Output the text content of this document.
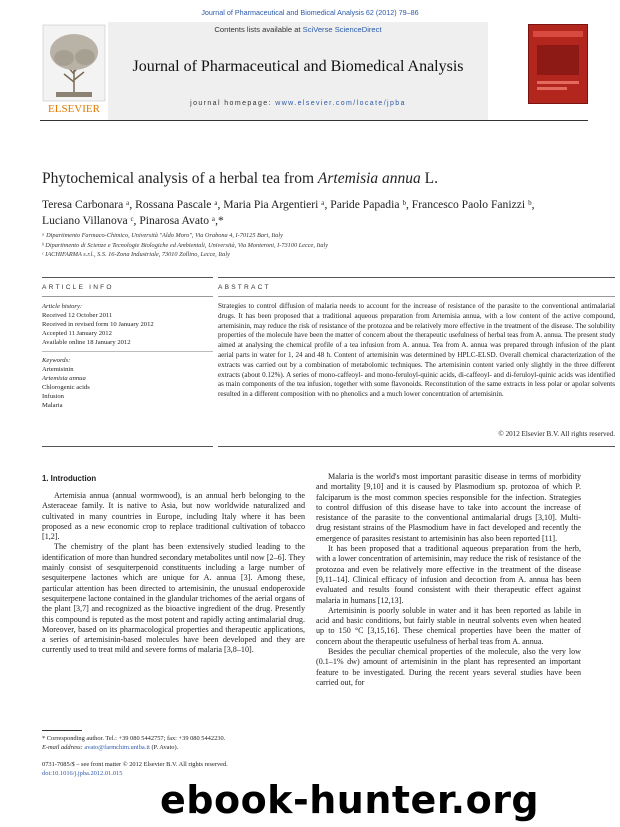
Journal of Pharmaceutical and Biomedical Analysis 62 (2012) 79–86
ELSEVIER
Contents lists available at SciVerse ScienceDirect
Journal of Pharmaceutical and Biomedical Analysis
journal homepage: www.elsevier.com/locate/jpba
Phytochemical analysis of a herbal tea from Artemisia annua L.
Teresa Carbonara ᵃ, Rossana Pascale ᵃ, Maria Pia Argentieri ᵃ, Paride Papadia ᵇ, Francesco Paolo Fanizzi ᵇ,
Luciano Villanova ᶜ, Pinarosa Avato ᵃ,*
ᵃ Dipartimento Farmaco-Chimico, Università "Aldo Moro", Via Orabona 4, I-70125 Bari, Italy
ᵇ Dipartimento di Scienze e Tecnologie Biologiche ed Ambientali, Università, Via Monteroni, I-73100 Lecce, Italy
ᶜ IACHIFARMA s.r.l., S.S. 16-Zona Industriale, 73010 Zollino, Lecce, Italy
ARTICLE INFO	ABSTRACT
Article history:
Received 12 October 2011
Received in revised form 10 January 2012
Accepted 11 January 2012
Available online 18 January 2012
Keywords:
Artemisinin
Artemisia annua
Chlorogenic acids
Infusion
Malaria
Strategies to control diffusion of malaria needs to account for the increase of resistance of the parasite to the conventional antimalarial drugs. It has been proposed that a traditional aqueous preparation from Artemisia annua, with a low content of the active compound, artemisinin, may reduce the risk of resistance of the protozoa and be relatively more effective in the treatment of the disease. The solubility properties of the molecule have been the matter of concern about the therapeutic usefulness of herbal teas from A. annua. The present study aimed at analysing the chemical profile of a tea infusion from A. annua. Tea from A. annua was prepared through infusion of the plant aerial parts in water for 1, 24 and 48 h. Content of artemisinin was determined by HPLC-ELSD. Overall chemical characterization of the extracts was carried out by a combination of metabolomic techniques. The artemisinin content varied only slightly in the three different extracts (about 0.12%). A series of mono-caffeoyl- and mono-feruloyl-quinic acids, di-caffeoyl- and di-feruloyl-quinic acids was identified as main components of the tea infusion, together with some flavonoids. Reconstitution of the same extracts in less polar or apolar solvents resulted in a different composition with no phenolics and a much lower concentration of artemisinin.
© 2012 Elsevier B.V. All rights reserved.
1. Introduction

Artemisia annua (annual wormwood), is an annual herb belonging to the Asteraceae family. It is native to Asia, but now worldwide naturalized and cultivated in many countries in Europe, including Italy where it has been proposed as a new economic crop to replace traditional cultivation of tobacco [1,2].

The chemistry of the plant has been extensively studied leading to the identification of more than hundred secondary metabolites until now [2–6]. They mainly consist of sesquiterpenoid constituents including a large number of sesquiterpene lactones which are unique for A. annua [3]. Among these, particular attention has been directed to artemisinin, the unusual endoperoxide sesquiterpene lactone contained in the glandular trichomes of the aerial organs of the plant [3,7] and recognized as the bioactive ingredient of the drug. Presently this compound is reputed as the most potent and rapidly acting antimalarial drug. Moreover, based on its pharmacological properties and therapeutic applications, a series of artemisinin-based molecules have been developed and they are currently used to treat mild and severe forms of malaria [3,8–10].

Malaria is the world's most important parasitic disease in terms of morbidity and mortality [9,10] and it is caused by Plasmodium sp. protozoa of which P. falciparum is the most common species responsible for the infection. Strategies to control diffusion of this disease have to take into account the increase of resistance of the parasite to the conventional antimalarial drugs [3,10]. Multi-drug resistant strains of the Plasmodium have in fact developed and recently the emergence of parasites resistant to artemisinin has also been reported [11].

It has been proposed that a traditional aqueous preparation from the herb, with a lower concentration of artemisinin, may reduce the risk of resistance of the protozoa and even be relatively more effective in the treatment of the disease [9,11–14]. Clinical efficacy of infusion and decoction from A. annua has been evaluated and results found consistent with their therapeutic effect against malaria in humans [12,13].

Artemisinin is poorly soluble in water and it has been reported as labile in acid and basic conditions, but fairly stable in neutral solvents even when heated up to 150 °C [3,15,16]. These chemical properties have been the matter of concern about the therapeutic usefulness of herbal teas from A. annua.

Besides the peculiar chemical properties of the molecule, also the very low (0.1–1% dw) amount of artemisinin in the plant has represented an important feature to be investigated. During the recent years several studies have been carried out, for

* Corresponding author. Tel.: +39 080 5442757; fax: +39 080 5442230.
E-mail address: avato@farmchim.uniba.it (P. Avato).
0731-7085/$ – see front matter © 2012 Elsevier B.V. All rights reserved.
doi:10.1016/j.jpba.2012.01.015
ebook-hunter.org
